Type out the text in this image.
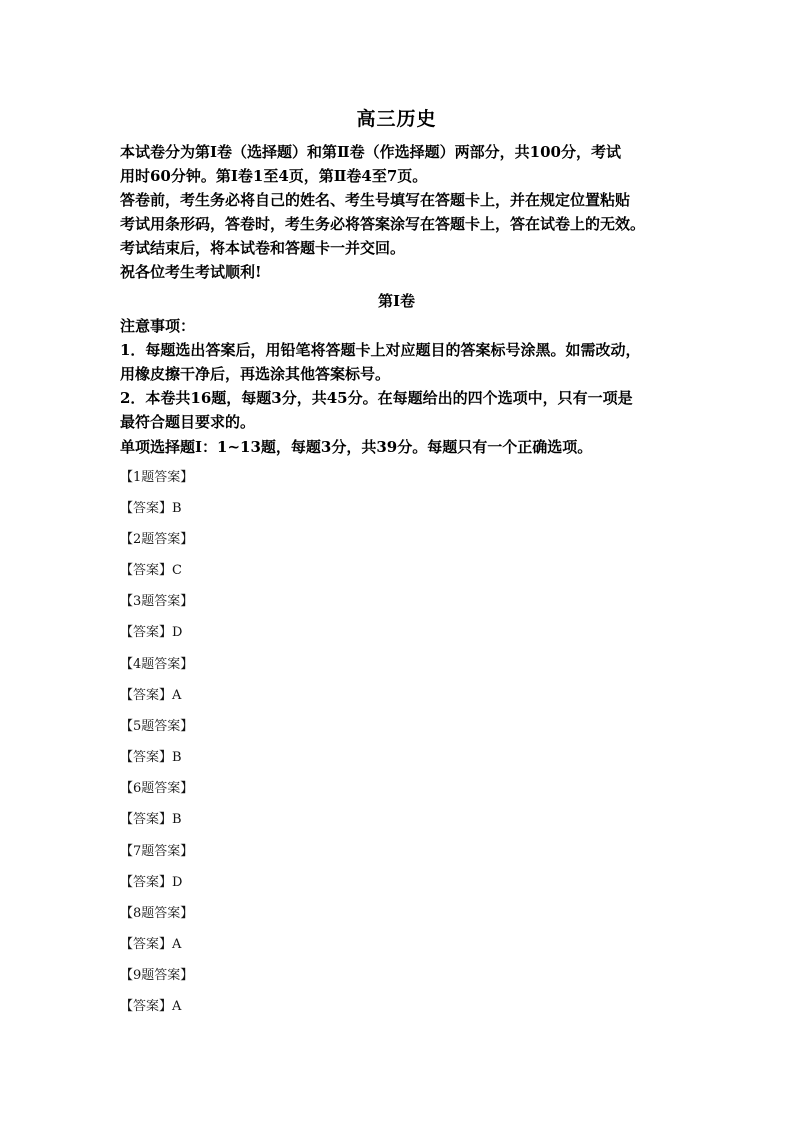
高三历史
本试卷分为第Ⅰ卷（选择题）和第Ⅱ卷（作选择题）两部分，共100分，考试
用时60分钟。第Ⅰ卷1至4页，第Ⅱ卷4至7页。
答卷前，考生务必将自己的姓名、考生号填写在答题卡上，并在规定位置粘贴
考试用条形码，答卷时，考生务必将答案涂写在答题卡上，答在试卷上的无效。
考试结束后，将本试卷和答题卡一并交回。
祝各位考生考试顺利!
第Ⅰ卷
注意事项：
1．每题选出答案后，用铅笔将答题卡上对应题目的答案标号涂黑。如需改动，
用橡皮擦干净后，再选涂其他答案标号。
2．本卷共16题，每题3分，共45分。在每题给出的四个选项中，只有一项是
最符合题目要求的。
单项选择题Ⅰ：1~13题，每题3分，共39分。每题只有一个正确选项。
【1题答案】
【答案】B
【2题答案】
【答案】C
【3题答案】
【答案】D
【4题答案】
【答案】A
【5题答案】
【答案】B
【6题答案】
【答案】B
【7题答案】
【答案】D
【8题答案】
【答案】A
【9题答案】
【答案】A
